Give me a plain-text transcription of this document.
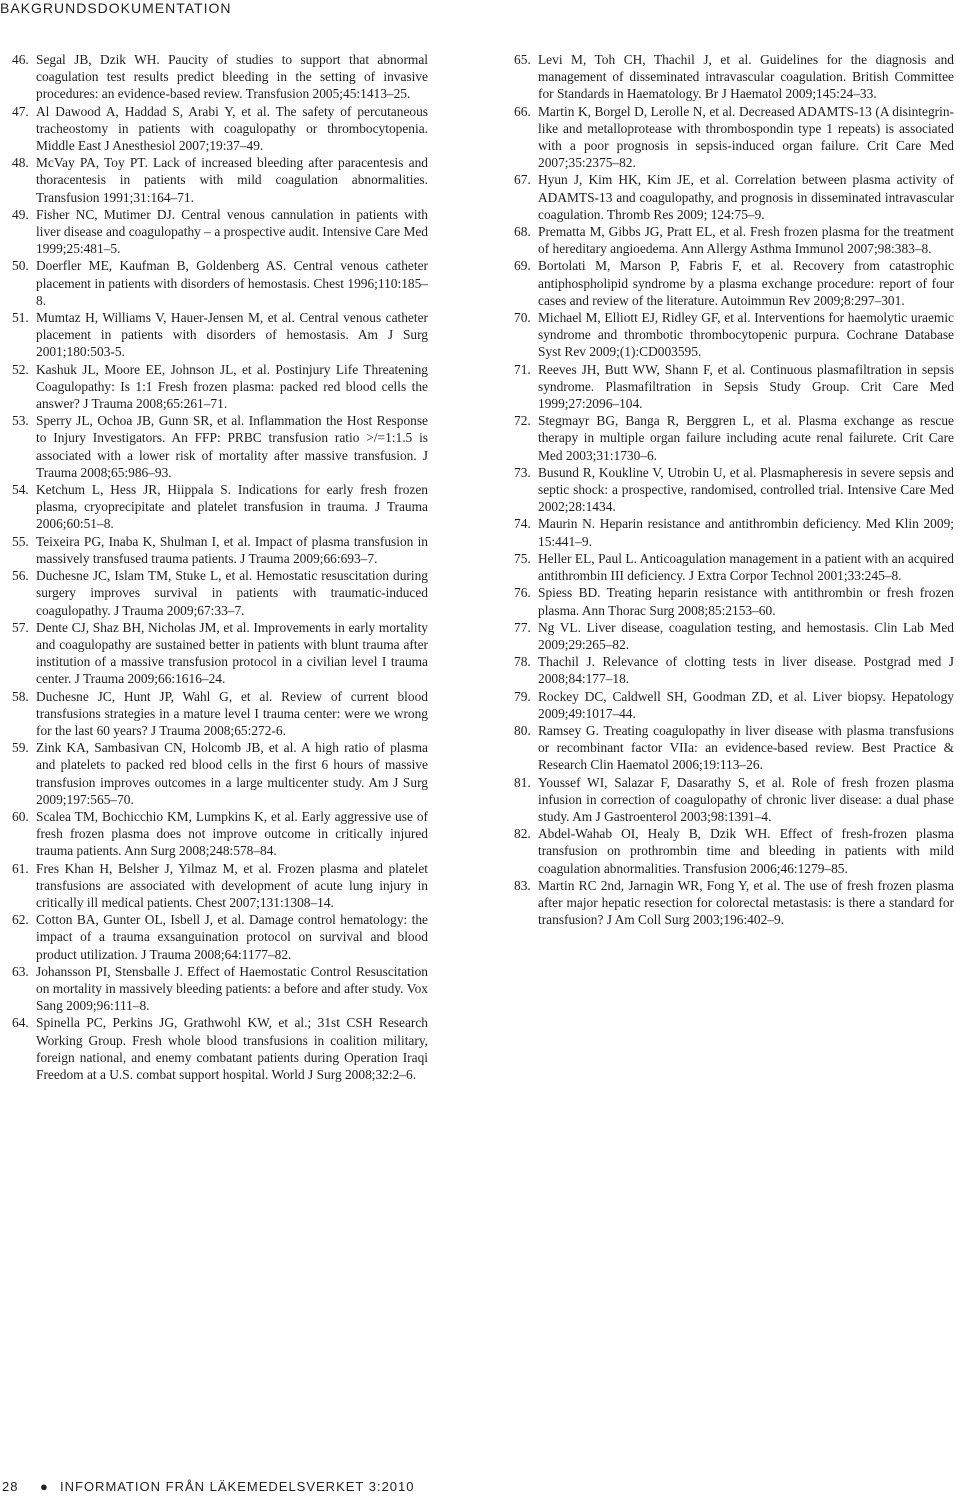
BAKGRUNDSDOKUMENTATION
46. Segal JB, Dzik WH. Paucity of studies to support that abnormal coagulation test results predict bleeding in the setting of invasive procedures: an evidence-based review. Transfusion 2005;45:1413–25.
47. Al Dawood A, Haddad S, Arabi Y, et al. The safety of percutaneous tracheostomy in patients with coagulopathy or thrombocytopenia. Middle East J Anesthesiol 2007;19:37–49.
48. McVay PA, Toy PT. Lack of increased bleeding after paracentesis and thoracentesis in patients with mild coagulation abnormalities. Transfusion 1991;31:164–71.
49. Fisher NC, Mutimer DJ. Central venous cannulation in patients with liver disease and coagulopathy – a prospective audit. Intensive Care Med 1999;25:481–5.
50. Doerfler ME, Kaufman B, Goldenberg AS. Central venous catheter placement in patients with disorders of hemostasis. Chest 1996;110:185–8.
51. Mumtaz H, Williams V, Hauer-Jensen M, et al. Central venous catheter placement in patients with disorders of hemostasis. Am J Surg 2001;180:503-5.
52. Kashuk JL, Moore EE, Johnson JL, et al. Postinjury Life Threatening Coagulopathy: Is 1:1 Fresh frozen plasma: packed red blood cells the answer? J Trauma 2008;65:261–71.
53. Sperry JL, Ochoa JB, Gunn SR, et al. Inflammation the Host Response to Injury Investigators. An FFP: PRBC transfusion ratio >/=1:1.5 is associated with a lower risk of mortality after massive transfusion. J Trauma 2008;65:986–93.
54. Ketchum L, Hess JR, Hiippala S. Indications for early fresh frozen plasma, cryoprecipitate and platelet transfusion in trauma. J Trauma 2006;60:51–8.
55. Teixeira PG, Inaba K, Shulman I, et al. Impact of plasma transfusion in massively transfused trauma patients. J Trauma 2009;66:693–7.
56. Duchesne JC, Islam TM, Stuke L, et al. Hemostatic resuscitation during surgery improves survival in patients with traumatic-induced coagulopathy. J Trauma 2009;67:33–7.
57. Dente CJ, Shaz BH, Nicholas JM, et al. Improvements in early mortality and coagulopathy are sustained better in patients with blunt trauma after institution of a massive transfusion protocol in a civilian level I trauma center. J Trauma 2009;66:1616–24.
58. Duchesne JC, Hunt JP, Wahl G, et al. Review of current blood transfusions strategies in a mature level I trauma center: were we wrong for the last 60 years? J Trauma 2008;65:272-6.
59. Zink KA, Sambasivan CN, Holcomb JB, et al. A high ratio of plasma and platelets to packed red blood cells in the first 6 hours of massive transfusion improves outcomes in a large multicenter study. Am J Surg 2009;197:565–70.
60. Scalea TM, Bochicchio KM, Lumpkins K, et al. Early aggressive use of fresh frozen plasma does not improve outcome in critically injured trauma patients. Ann Surg 2008;248:578–84.
61. Fres Khan H, Belsher J, Yilmaz M, et al. Frozen plasma and platelet transfusions are associated with development of acute lung injury in critically ill medical patients. Chest 2007;131:1308–14.
62. Cotton BA, Gunter OL, Isbell J, et al. Damage control hematology: the impact of a trauma exsanguination protocol on survival and blood product utilization. J Trauma 2008;64:1177–82.
63. Johansson PI, Stensballe J. Effect of Haemostatic Control Resuscitation on mortality in massively bleeding patients: a before and after study. Vox Sang 2009;96:111–8.
64. Spinella PC, Perkins JG, Grathwohl KW, et al.; 31st CSH Research Working Group. Fresh whole blood transfusions in coalition military, foreign national, and enemy combatant patients during Operation Iraqi Freedom at a U.S. combat support hospital. World J Surg 2008;32:2–6.
65. Levi M, Toh CH, Thachil J, et al. Guidelines for the diagnosis and management of disseminated intravascular coagulation. British Committee for Standards in Haematology. Br J Haematol 2009;145:24–33.
66. Martin K, Borgel D, Lerolle N, et al. Decreased ADAMTS-13 (A disintegrin-like and metalloprotease with thrombospondin type 1 repeats) is associated with a poor prognosis in sepsis-induced organ failure. Crit Care Med 2007;35:2375–82.
67. Hyun J, Kim HK, Kim JE, et al. Correlation between plasma activity of ADAMTS-13 and coagulopathy, and prognosis in disseminated intravascular coagulation. Thromb Res 2009; 124:75–9.
68. Prematta M, Gibbs JG, Pratt EL, et al. Fresh frozen plasma for the treatment of hereditary angioedema. Ann Allergy Asthma Immunol 2007;98:383–8.
69. Bortolati M, Marson P, Fabris F, et al. Recovery from catastrophic antiphospholipid syndrome by a plasma exchange procedure: report of four cases and review of the literature. Autoimmun Rev 2009;8:297–301.
70. Michael M, Elliott EJ, Ridley GF, et al. Interventions for haemolytic uraemic syndrome and thrombotic thrombocytopenic purpura. Cochrane Database Syst Rev 2009;(1):CD003595.
71. Reeves JH, Butt WW, Shann F, et al. Continuous plasmafiltration in sepsis syndrome. Plasmafiltration in Sepsis Study Group. Crit Care Med 1999;27:2096–104.
72. Stegmayr BG, Banga R, Berggren L, et al. Plasma exchange as rescue therapy in multiple organ failure including acute renal failurete. Crit Care Med 2003;31:1730–6.
73. Busund R, Koukline V, Utrobin U, et al. Plasmapheresis in severe sepsis and septic shock: a prospective, randomised, controlled trial. Intensive Care Med 2002;28:1434.
74. Maurin N. Heparin resistance and antithrombin deficiency. Med Klin 2009; 15:441–9.
75. Heller EL, Paul L. Anticoagulation management in a patient with an acquired antithrombin III deficiency. J Extra Corpor Technol 2001;33:245–8.
76. Spiess BD. Treating heparin resistance with antithrombin or fresh frozen plasma. Ann Thorac Surg 2008;85:2153–60.
77. Ng VL. Liver disease, coagulation testing, and hemostasis. Clin Lab Med 2009;29:265–82.
78. Thachil J. Relevance of clotting tests in liver disease. Postgrad med J 2008;84:177–18.
79. Rockey DC, Caldwell SH, Goodman ZD, et al. Liver biopsy. Hepatology 2009;49:1017–44.
80. Ramsey G. Treating coagulopathy in liver disease with plasma transfusions or recombinant factor VIIa: an evidence-based review. Best Practice & Research Clin Haematol 2006;19:113–26.
81. Youssef WI, Salazar F, Dasarathy S, et al. Role of fresh frozen plasma infusion in correction of coagulopathy of chronic liver disease: a dual phase study. Am J Gastroenterol 2003;98:1391–4.
82. Abdel-Wahab OI, Healy B, Dzik WH. Effect of fresh-frozen plasma transfusion on prothrombin time and bleeding in patients with mild coagulation abnormalities. Transfusion 2006;46:1279–85.
83. Martin RC 2nd, Jarnagin WR, Fong Y, et al. The use of fresh frozen plasma after major hepatic resection for colorectal metastasis: is there a standard for transfusion? J Am Coll Surg 2003;196:402–9.
28 ● INFORMATION FRÅN LÄKEMEDELSVERKET 3:2010
